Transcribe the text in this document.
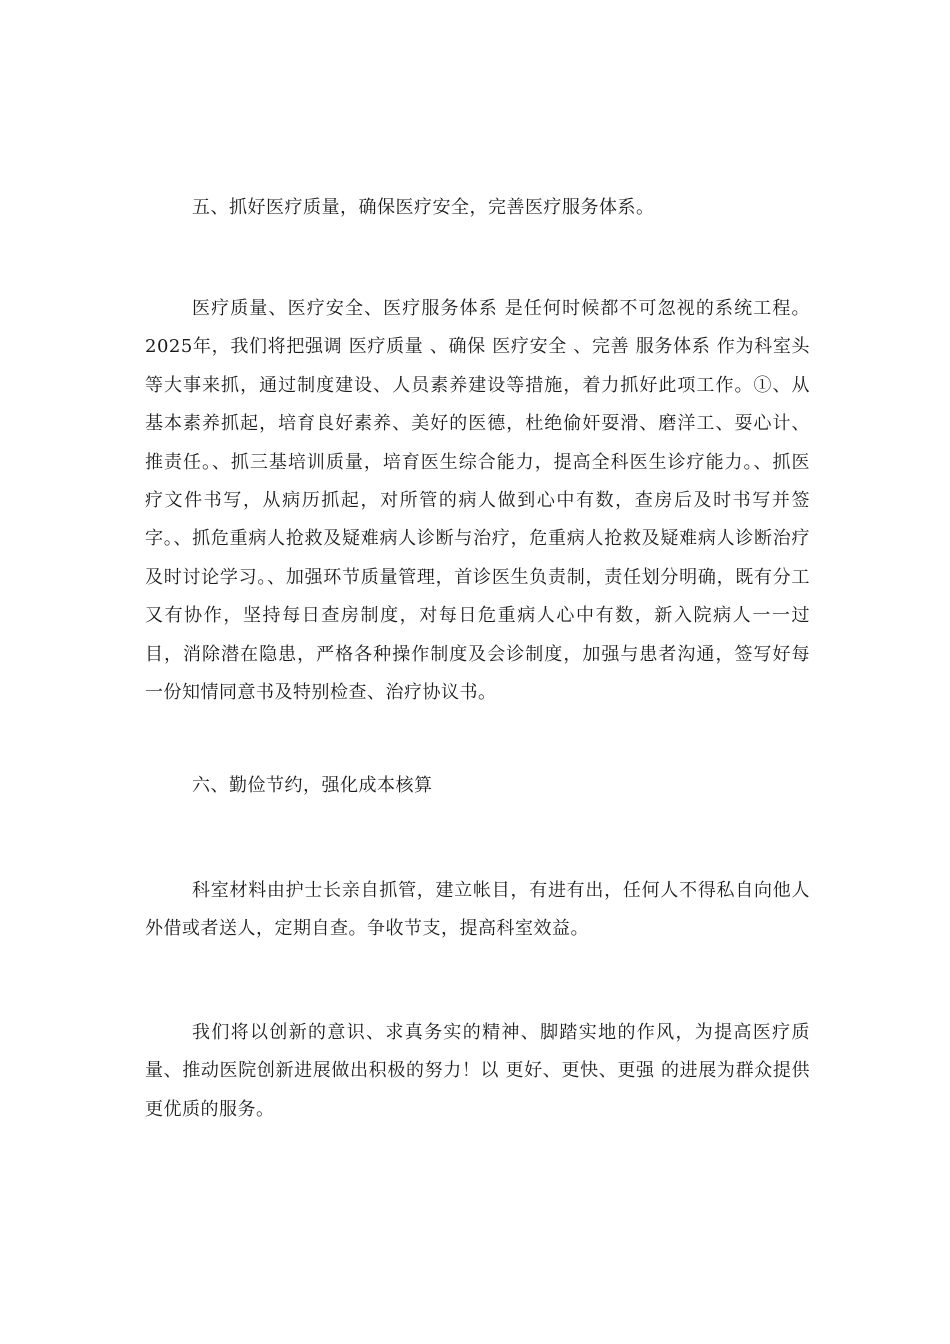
五、抓好医疗质量，确保医疗安全，完善医疗服务体系。

医疗质量、医疗安全、医疗服务体系 是任何时候都不可忽视的系统工程。2025年，我们将把强调 医疗质量 、确保 医疗安全 、完善 服务体系 作为科室头等大事来抓，通过制度建设、人员素养建设等措施，着力抓好此项工作。①、从基本素养抓起，培育良好素养、美好的医德，杜绝偷奸耍滑、磨洋工、耍心计、推责任。、抓三基培训质量，培育医生综合能力，提高全科医生诊疗能力。、抓医疗文件书写，从病历抓起，对所管的病人做到心中有数，查房后及时书写并签字。、抓危重病人抢救及疑难病人诊断与治疗，危重病人抢救及疑难病人诊断治疗及时讨论学习。、加强环节质量管理，首诊医生负责制，责任划分明确，既有分工又有协作，坚持每日查房制度，对每日危重病人心中有数，新入院病人一一过目，消除潜在隐患，严格各种操作制度及会诊制度，加强与患者沟通，签写好每一份知情同意书及特别检查、治疗协议书。

六、勤俭节约，强化成本核算

科室材料由护士长亲自抓管，建立帐目，有进有出，任何人不得私自向他人外借或者送人，定期自查。争收节支，提高科室效益。

我们将以创新的意识、求真务实的精神、脚踏实地的作风，为提高医疗质量、推动医院创新进展做出积极的努力！以 更好、更快、更强 的进展为群众提供更优质的服务。
